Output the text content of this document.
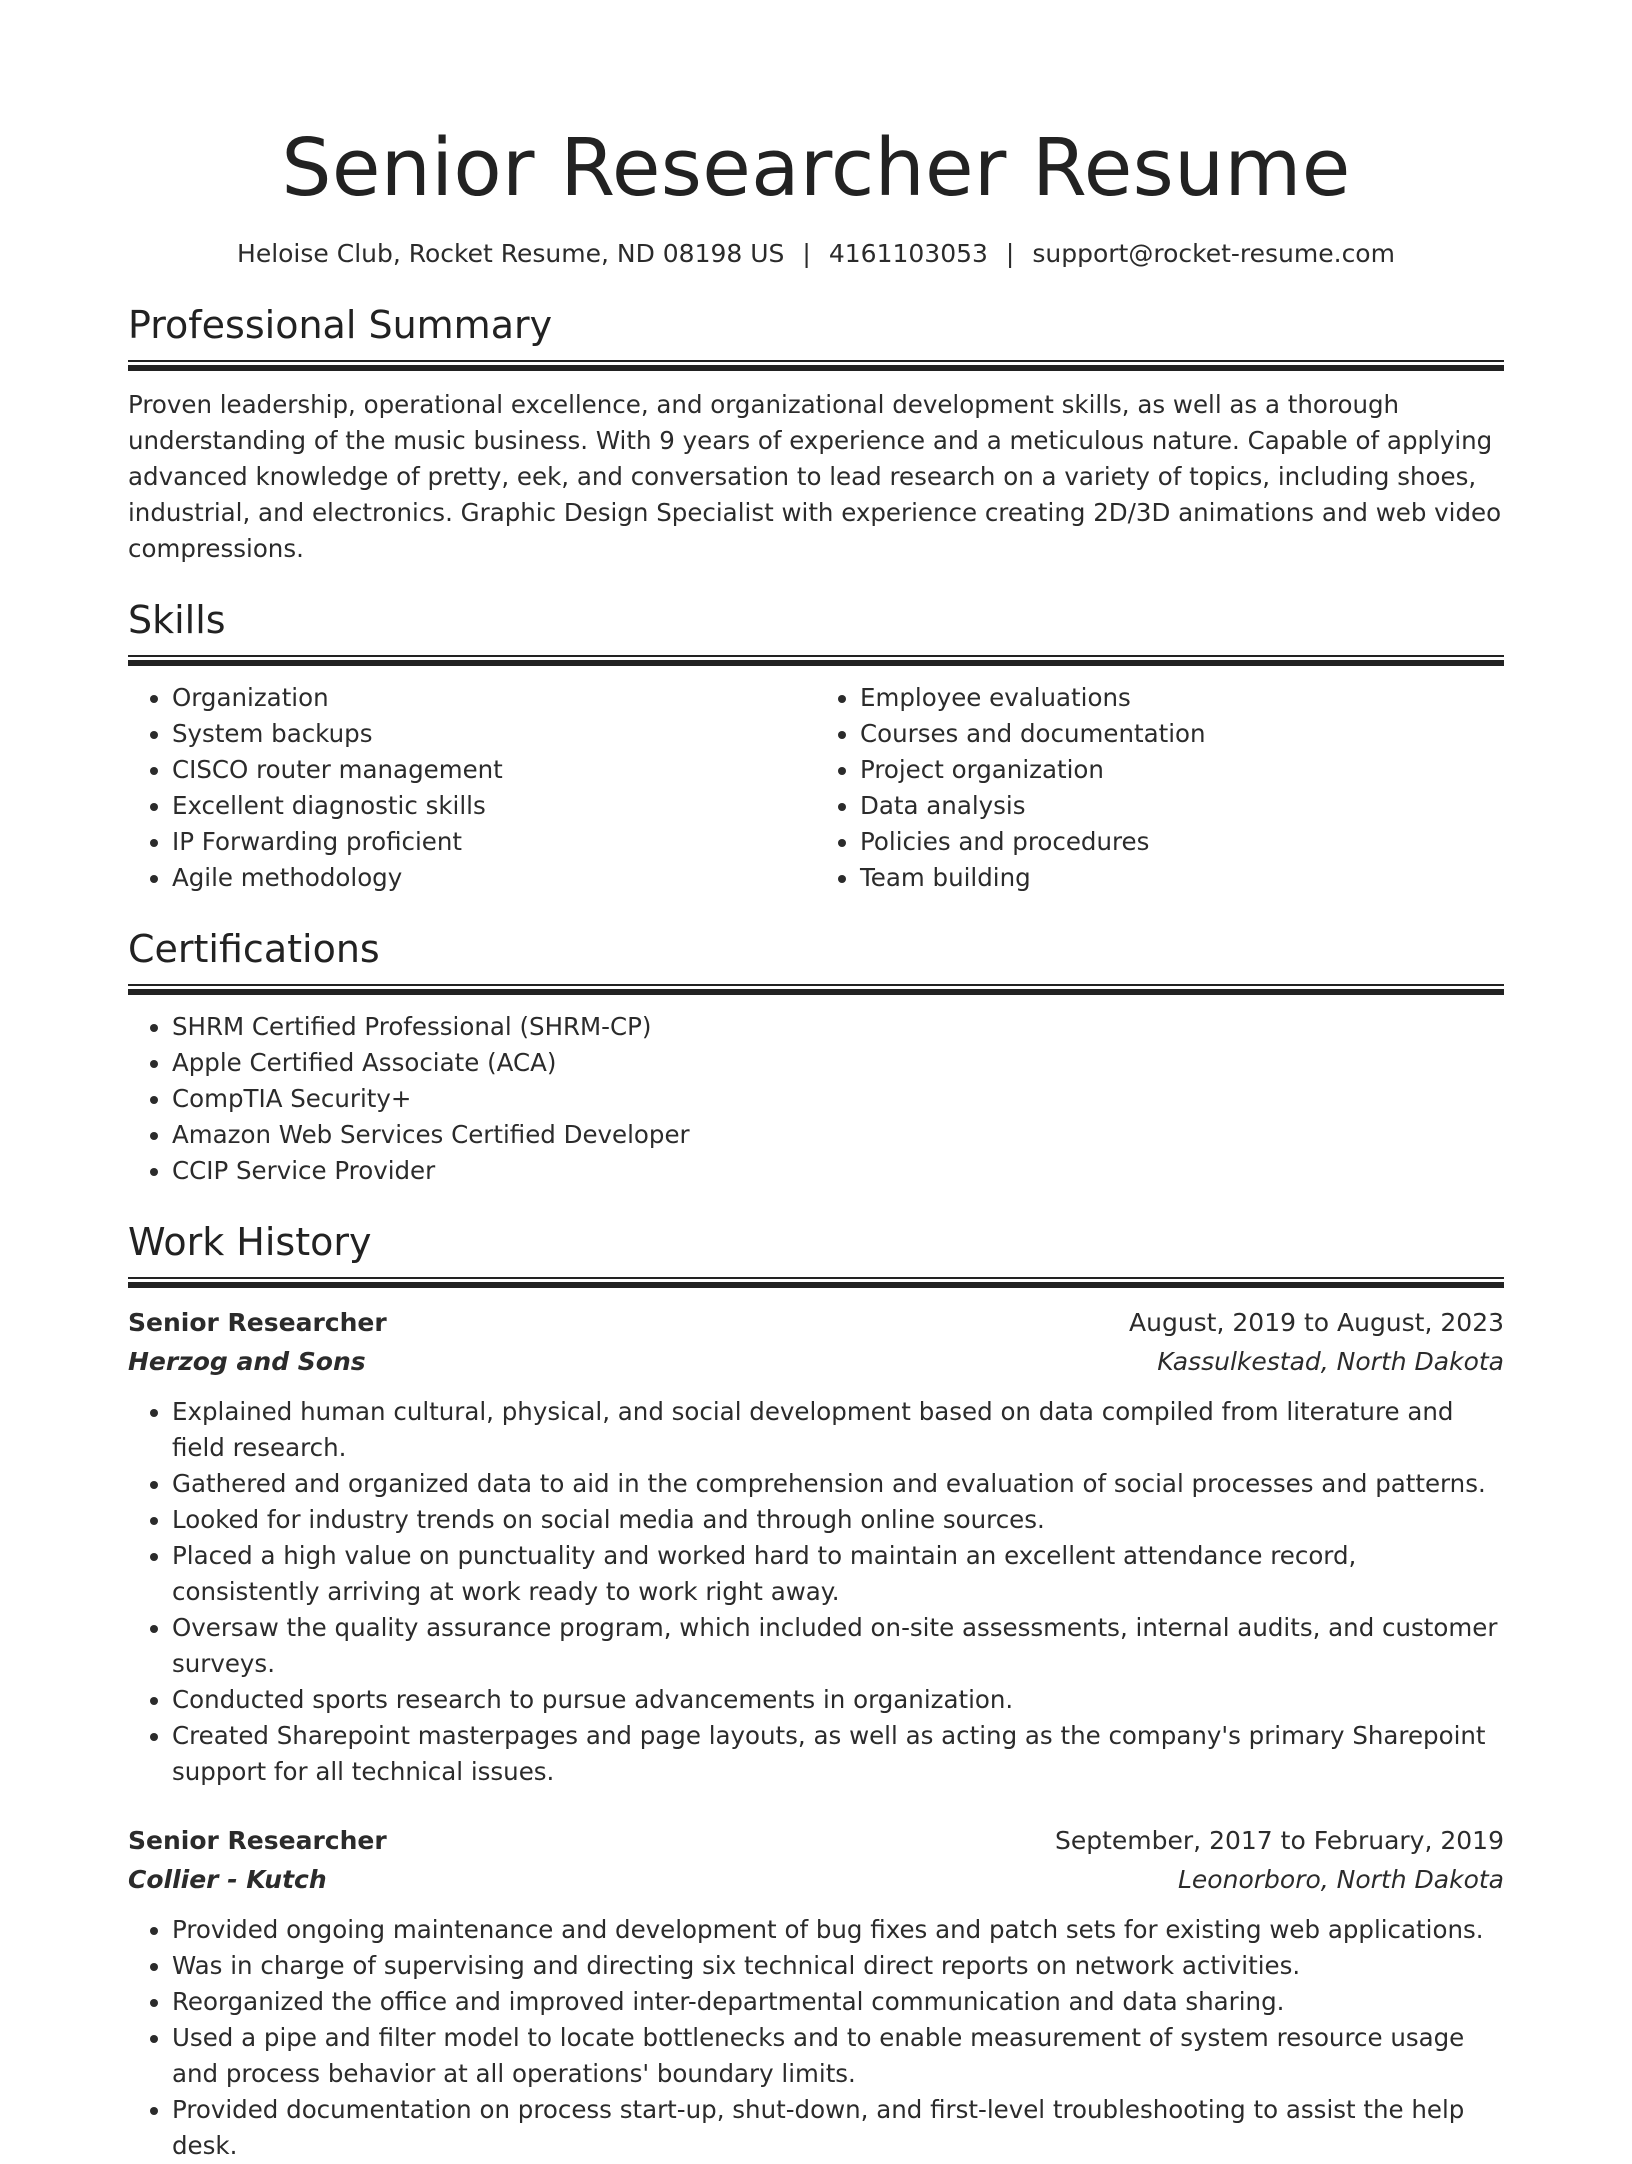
Senior Researcher Resume
Heloise Club, Rocket Resume, ND 08198 US | 4161103053 | support@rocket-resume.com
Professional Summary

Proven leadership, operational excellence, and organizational development skills, as well as a thorough understanding of the music business. With 9 years of experience and a meticulous nature. Capable of applying advanced knowledge of pretty, eek, and conversation to lead research on a variety of topics, including shoes, industrial, and electronics. Graphic Design Specialist with experience creating 2D/3D animations and web video compressions.

Skills
• Organization
• System backups
• CISCO router management
• Excellent diagnostic skills
• IP Forwarding proficient
• Agile methodology
• Employee evaluations
• Courses and documentation
• Project organization
• Data analysis
• Policies and procedures
• Team building
Certifications
• SHRM Certified Professional (SHRM-CP)
• Apple Certified Associate (ACA)
• CompTIA Security+
• Amazon Web Services Certified Developer
• CCIP Service Provider
Work History
Senior Researcher	August, 2019 to August, 2023
Herzog and Sons	Kassulkestad, North Dakota
• Explained human cultural, physical, and social development based on data compiled from literature and field research.
• Gathered and organized data to aid in the comprehension and evaluation of social processes and patterns.
• Looked for industry trends on social media and through online sources.
• Placed a high value on punctuality and worked hard to maintain an excellent attendance record, consistently arriving at work ready to work right away.
• Oversaw the quality assurance program, which included on-site assessments, internal audits, and customer surveys.
• Conducted sports research to pursue advancements in organization.
• Created Sharepoint masterpages and page layouts, as well as acting as the company's primary Sharepoint support for all technical issues.
Senior Researcher	September, 2017 to February, 2019
Collier - Kutch	Leonorboro, North Dakota
• Provided ongoing maintenance and development of bug fixes and patch sets for existing web applications.
• Was in charge of supervising and directing six technical direct reports on network activities.
• Reorganized the office and improved inter-departmental communication and data sharing.
• Used a pipe and filter model to locate bottlenecks and to enable measurement of system resource usage and process behavior at all operations' boundary limits.
• Provided documentation on process start-up, shut-down, and first-level troubleshooting to assist the help desk.
